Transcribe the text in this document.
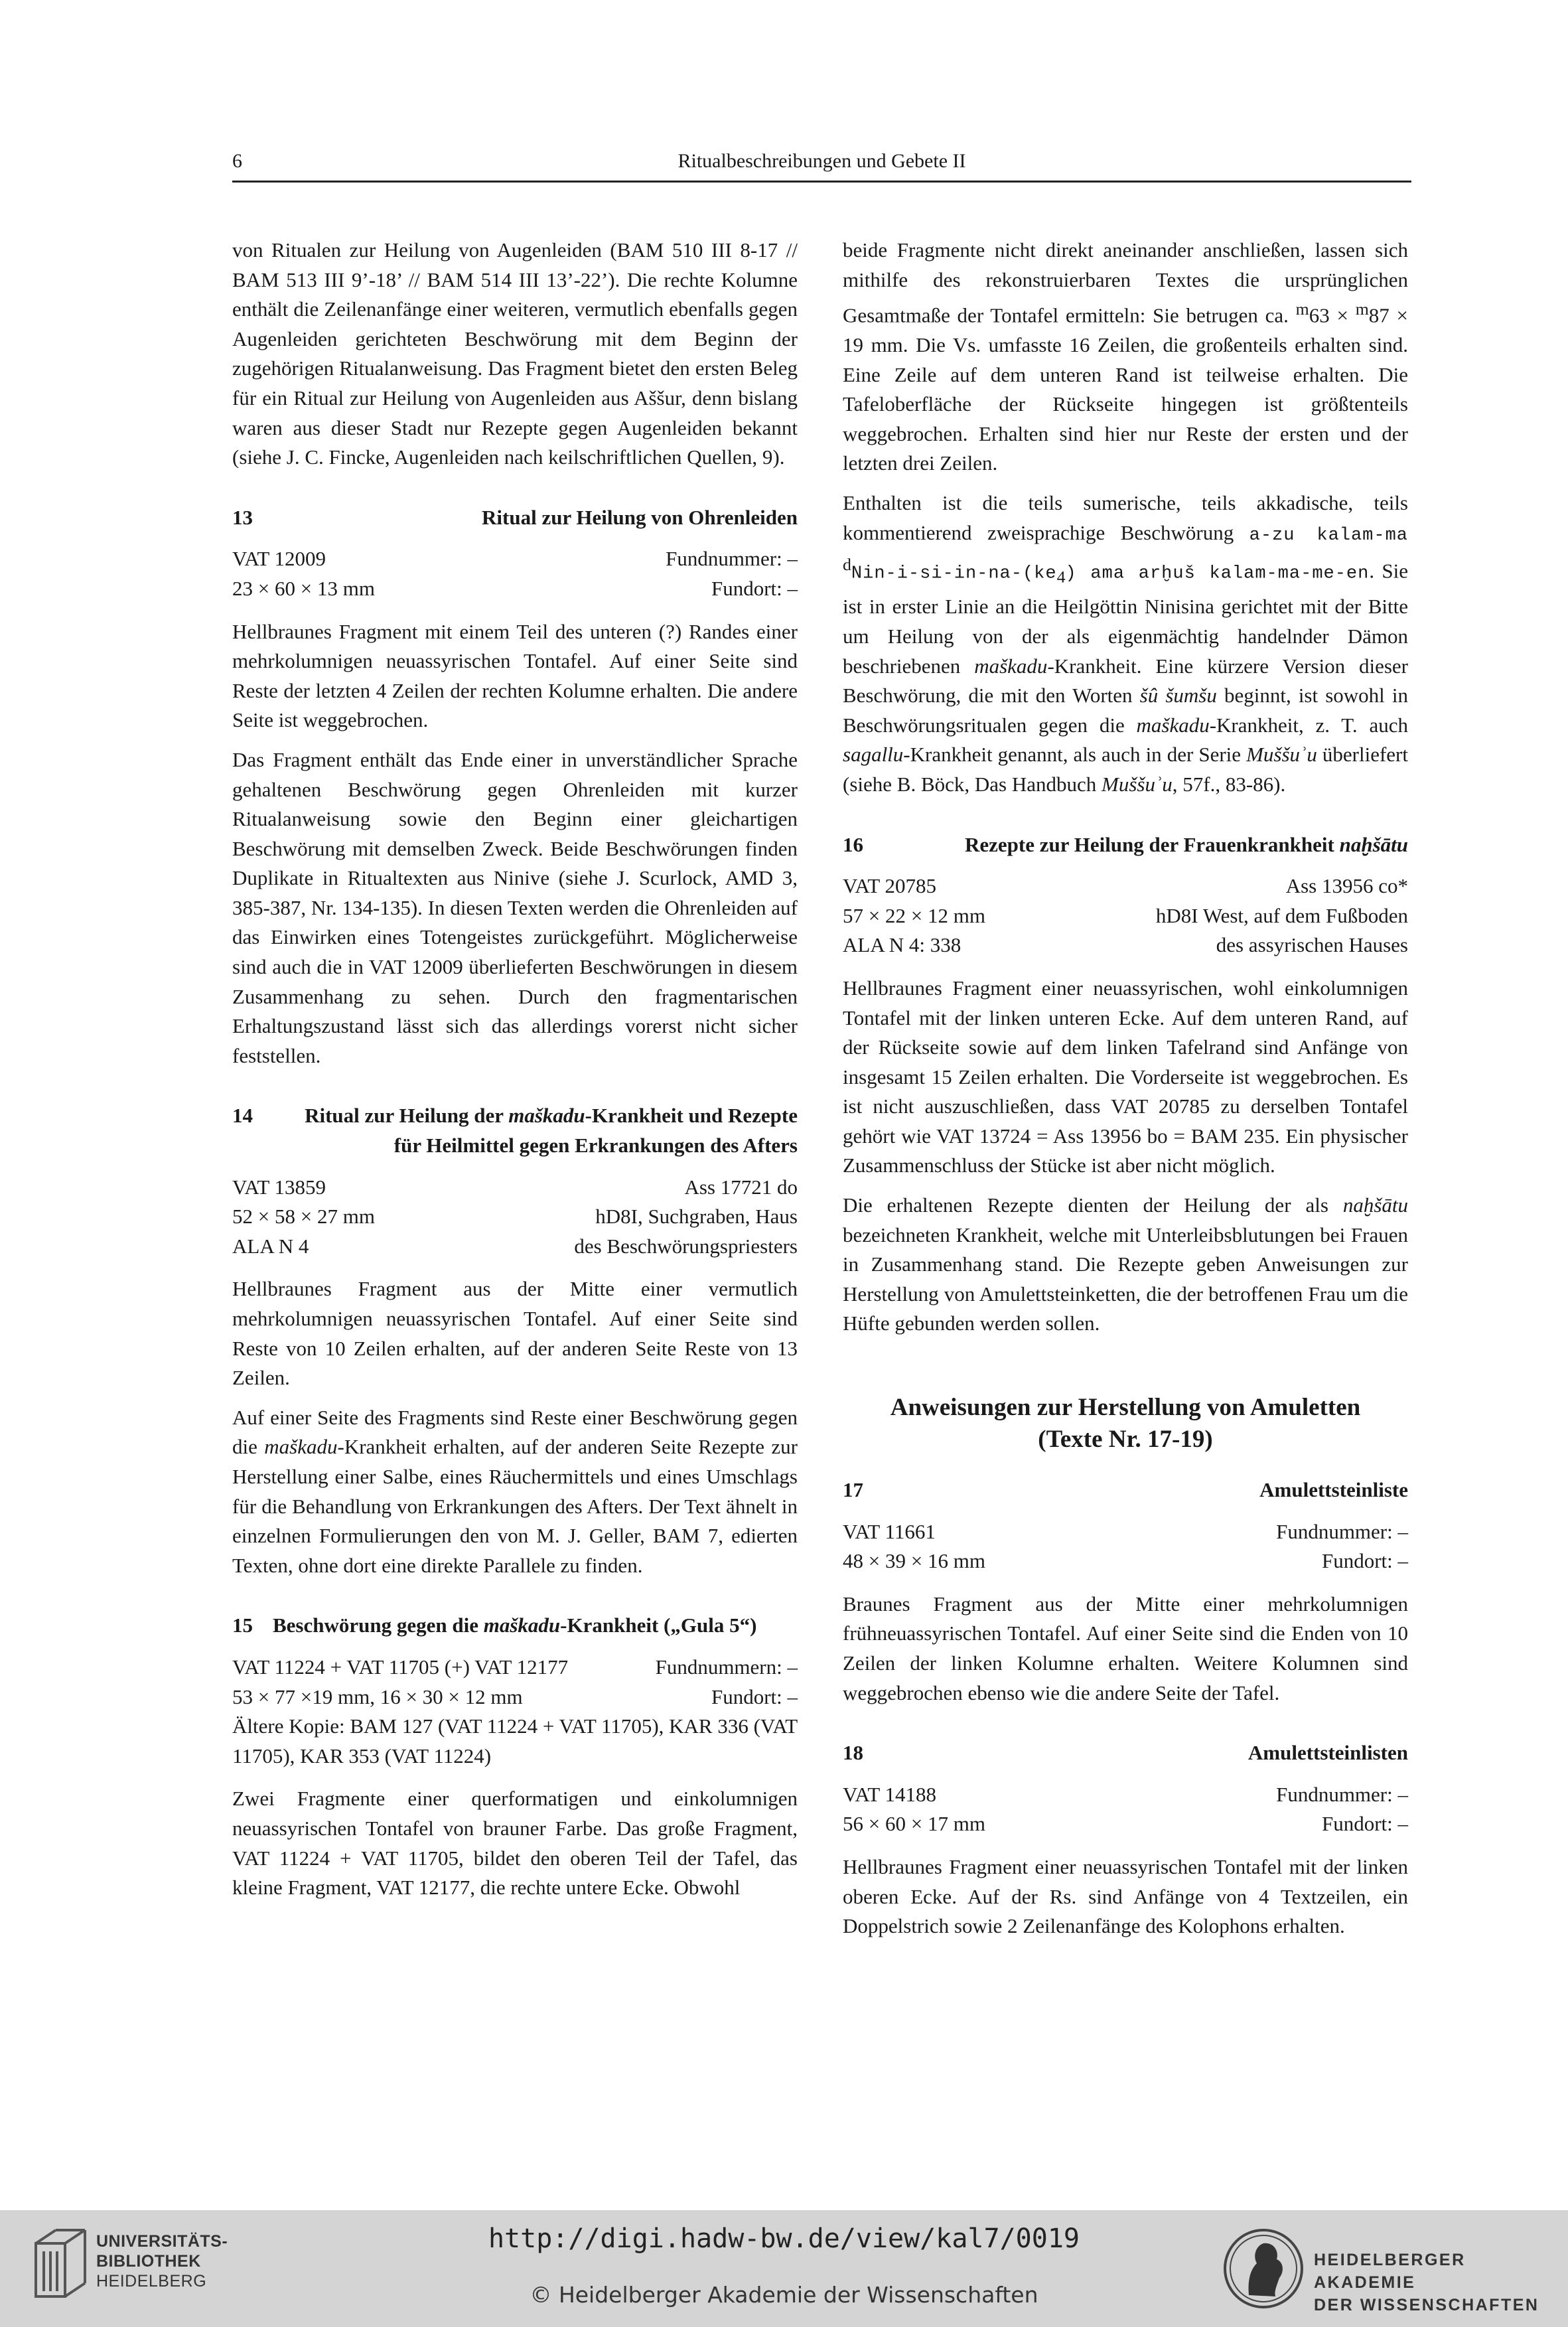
6	Ritualbeschreibungen und Gebete II

von Ritualen zur Heilung von Augenleiden (BAM 510 III 8-17 // BAM 513 III 9’-18’ // BAM 514 III 13’-22’). Die rechte Kolumne enthält die Zeilenanfänge einer weiteren, vermutlich ebenfalls gegen Augenleiden gerichteten Beschwörung mit dem Beginn der zugehörigen Ritualanweisung. Das Fragment bietet den ersten Beleg für ein Ritual zur Heilung von Augenleiden aus Aššur, denn bislang waren aus dieser Stadt nur Rezepte gegen Augenleiden bekannt (siehe J. C. Fincke, Augenleiden nach keilschriftlichen Quellen, 9).

13	Ritual zur Heilung von Ohrenleiden
VAT 12009	Fundnummer: –
23 × 60 × 13 mm	Fundort: –

Hellbraunes Fragment mit einem Teil des unteren (?) Randes einer mehrkolumnigen neuassyrischen Tontafel. Auf einer Seite sind Reste der letzten 4 Zeilen der rechten Kolumne erhalten. Die andere Seite ist weggebrochen.

Das Fragment enthält das Ende einer in unverständlicher Sprache gehaltenen Beschwörung gegen Ohrenleiden mit kurzer Ritualanweisung sowie den Beginn einer gleichartigen Beschwörung mit demselben Zweck. Beide Beschwörungen finden Duplikate in Ritualtexten aus Ninive (siehe J. Scurlock, AMD 3, 385-387, Nr. 134-135). In diesen Texten werden die Ohrenleiden auf das Einwirken eines Totengeistes zurückgeführt. Möglicherweise sind auch die in VAT 12009 überlieferten Beschwörungen in diesem Zusammenhang zu sehen. Durch den fragmentarischen Erhaltungszustand lässt sich das allerdings vorerst nicht sicher feststellen.

14	Ritual zur Heilung der maškadu-Krankheit und Rezepte für Heilmittel gegen Erkrankungen des Afters
VAT 13859	Ass 17721 do
52 × 58 × 27 mm	hD8I, Suchgraben, Haus
ALA N 4	des Beschwörungspriesters

Hellbraunes Fragment aus der Mitte einer vermutlich mehrkolumnigen neuassyrischen Tontafel. Auf einer Seite sind Reste von 10 Zeilen erhalten, auf der anderen Seite Reste von 13 Zeilen.

Auf einer Seite des Fragments sind Reste einer Beschwörung gegen die maškadu-Krankheit erhalten, auf der anderen Seite Rezepte zur Herstellung einer Salbe, eines Räuchermittels und eines Umschlags für die Behandlung von Erkrankungen des Afters. Der Text ähnelt in einzelnen Formulierungen den von M. J. Geller, BAM 7, edierten Texten, ohne dort eine direkte Parallele zu finden.

15 Beschwörung gegen die maškadu-Krankheit („Gula 5“)
VAT 11224 + VAT 11705 (+) VAT 12177	Fundnummern: –
53 × 77 ×19 mm, 16 × 30 × 12 mm	Fundort: –
Ältere Kopie: BAM 127 (VAT 11224 + VAT 11705), KAR 336 (VAT 11705), KAR 353 (VAT 11224)

Zwei Fragmente einer querformatigen und einkolumnigen neuassyrischen Tontafel von brauner Farbe. Das große Fragment, VAT 11224 + VAT 11705, bildet den oberen Teil der Tafel, das kleine Fragment, VAT 12177, die rechte untere Ecke. Obwohl

beide Fragmente nicht direkt aneinander anschließen, lassen sich mithilfe des rekonstruierbaren Textes die ursprünglichen Gesamtmaße der Tontafel ermitteln: Sie betrugen ca. $^m$63 × $^m$87 × 19 mm. Die Vs. umfasste 16 Zeilen, die großenteils erhalten sind. Eine Zeile auf dem unteren Rand ist teilweise erhalten. Die Tafeloberfläche der Rückseite hingegen ist größtenteils weggebrochen. Erhalten sind hier nur Reste der ersten und der letzten drei Zeilen.

Enthalten ist die teils sumerische, teils akkadische, teils kommentierend zweisprachige Beschwörung a-zu kalam-ma $^dNin-i-si-in-na-(ke_4)$ ama arḫuš kalam-ma-me-en. Sie ist in erster Linie an die Heilgöttin Ninisina gerichtet mit der Bitte um Heilung von der als eigenmächtig handelnder Dämon beschriebenen maškadu-Krankheit. Eine kürzere Version dieser Beschwörung, die mit den Worten šû šumšu beginnt, ist sowohl in Beschwörungsritualen gegen die maškadu-Krankheit, z. T. auch sagallu-Krankheit genannt, als auch in der Serie Muššuʾu überliefert (siehe B. Böck, Das Handbuch Muššuʾu, 57f., 83-86).

16	Rezepte zur Heilung der Frauenkrankheit naḫšātu
VAT 20785	Ass 13956 co*
57 × 22 × 12 mm	hD8I West, auf dem Fußboden
ALA N 4: 338	des assyrischen Hauses

Hellbraunes Fragment einer neuassyrischen, wohl einkolumnigen Tontafel mit der linken unteren Ecke. Auf dem unteren Rand, auf der Rückseite sowie auf dem linken Tafelrand sind Anfänge von insgesamt 15 Zeilen erhalten. Die Vorderseite ist weggebrochen. Es ist nicht auszuschließen, dass VAT 20785 zu derselben Tontafel gehört wie VAT 13724 = Ass 13956 bo = BAM 235. Ein physischer Zusammenschluss der Stücke ist aber nicht möglich.

Die erhaltenen Rezepte dienten der Heilung der als naḫšātu bezeichneten Krankheit, welche mit Unterleibsblutungen bei Frauen in Zusammenhang stand. Die Rezepte geben Anweisungen zur Herstellung von Amulettsteinketten, die der betroffenen Frau um die Hüfte gebunden werden sollen.

Anweisungen zur Herstellung von Amuletten
(Texte Nr. 17-19)
17	Amulettsteinliste
VAT 11661	Fundnummer: –
48 × 39 × 16 mm	Fundort: –

Braunes Fragment aus der Mitte einer mehrkolumnigen frühneuassyrischen Tontafel. Auf einer Seite sind die Enden von 10 Zeilen der linken Kolumne erhalten. Weitere Kolumnen sind weggebrochen ebenso wie die andere Seite der Tafel.

18	Amulettsteinlisten
VAT 14188	Fundnummer: –
56 × 60 × 17 mm	Fundort: –

Hellbraunes Fragment einer neuassyrischen Tontafel mit der linken oberen Ecke. Auf der Rs. sind Anfänge von 4 Textzeilen, ein Doppelstrich sowie 2 Zeilenanfänge des Kolophons erhalten.

UNIVERSITÄTS-
BIBLIOTHEK
HEIDELBERG
http://digi.hadw-bw.de/view/kal7/0019
© Heidelberger Akademie der Wissenschaften
HEIDELBERGER AKADEMIE
DER WISSENSCHAFTEN
